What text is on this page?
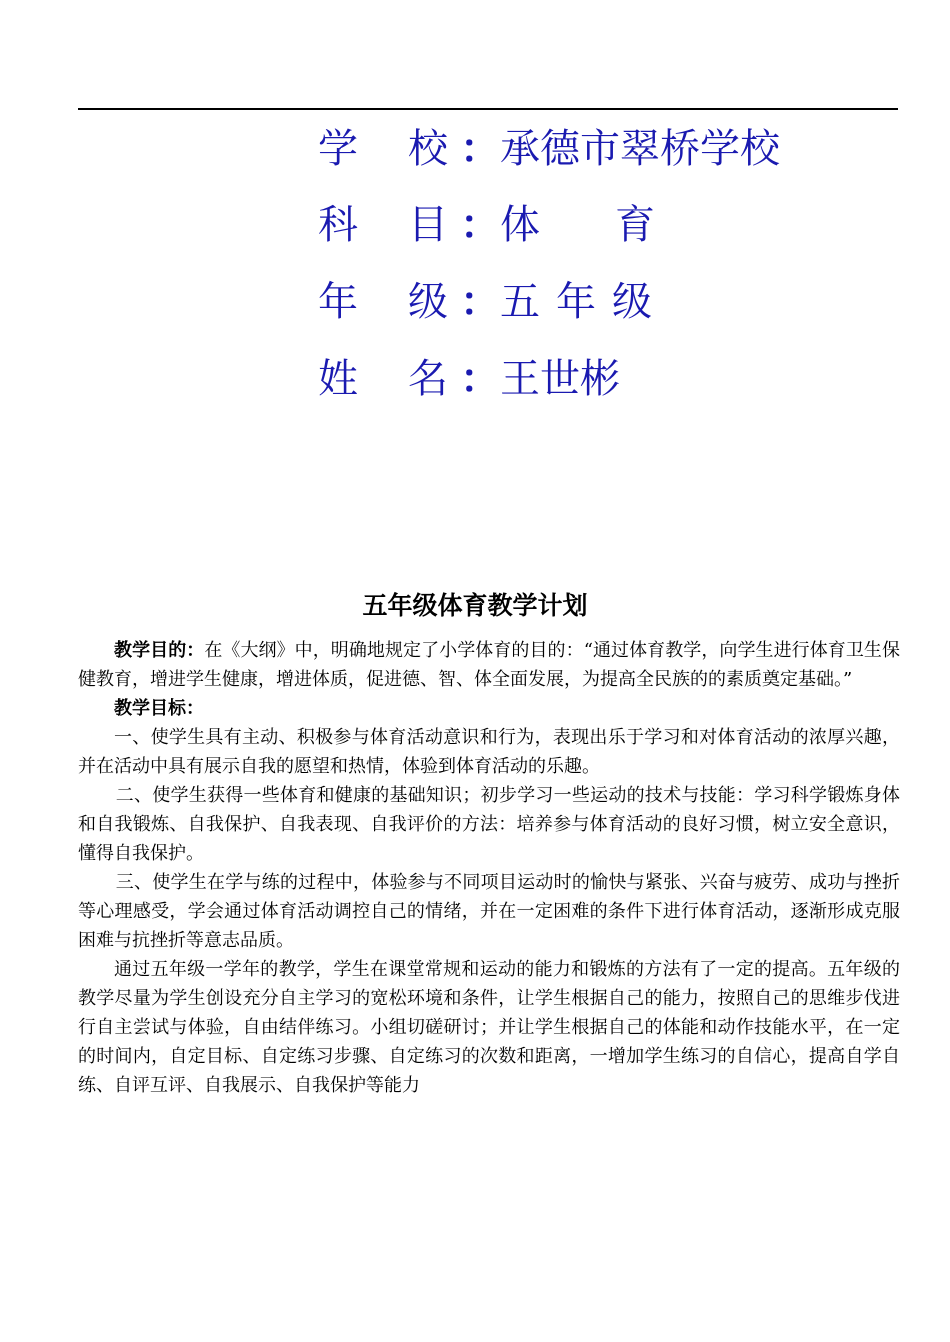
学 校 ： 承德市翠桥学校
科 目 ： 体 育
年 级 ： 五年级
姓 名 ： 王世彬
五年级体育教学计划

教学目的：在《大纲》中，明确地规定了小学体育的目的：“通过体育教学，向学生进行体育卫生保健教育，增进学生健康，增进体质，促进德、智、体全面发展，为提高全民族的的素质奠定基础。”

教学目标：

一、使学生具有主动、积极参与体育活动意识和行为，表现出乐于学习和对体育活动的浓厚兴趣，并在活动中具有展示自我的愿望和热情，体验到体育活动的乐趣。

二、使学生获得一些体育和健康的基础知识；初步学习一些运动的技术与技能：学习科学锻炼身体和自我锻炼、自我保护、自我表现、自我评价的方法：培养参与体育活动的良好习惯，树立安全意识，懂得自我保护。

三、使学生在学与练的过程中，体验参与不同项目运动时的愉快与紧张、兴奋与疲劳、成功与挫折等心理感受，学会通过体育活动调控自己的情绪，并在一定困难的条件下进行体育活动，逐渐形成克服困难与抗挫折等意志品质。

通过五年级一学年的教学，学生在课堂常规和运动的能力和锻炼的方法有了一定的提高。五年级的教学尽量为学生创设充分自主学习的宽松环境和条件，让学生根据自己的能力，按照自己的思维步伐进行自主尝试与体验，自由结伴练习。小组切磋研讨；并让学生根据自己的体能和动作技能水平，在一定的时间内，自定目标、自定练习步骤、自定练习的次数和距离，一增加学生练习的自信心，提高自学自练、自评互评、自我展示、自我保护等能力
